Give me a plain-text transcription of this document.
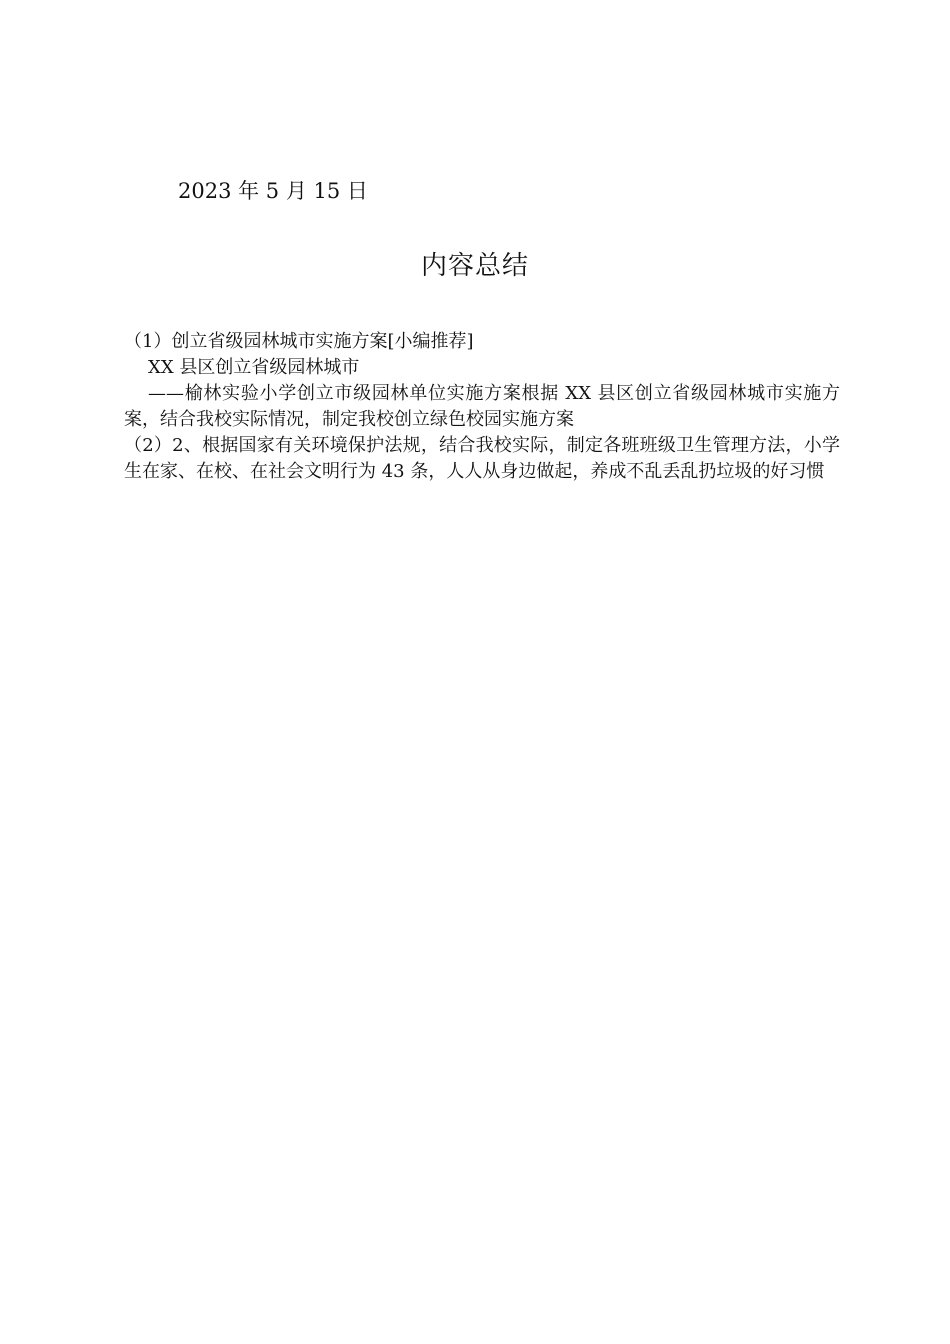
2023 年 5 月 15 日
内容总结

（1）创立省级园林城市实施方案[小编推荐]

XX 县区创立省级园林城市

——榆林实验小学创立市级园林单位实施方案根据 XX 县区创立省级园林城市实施方案，结合我校实际情况，制定我校创立绿色校园实施方案

（2）2、根据国家有关环境保护法规，结合我校实际，制定各班班级卫生管理方法，小学生在家、在校、在社会文明行为 43 条，人人从身边做起，养成不乱丢乱扔垃圾的好习惯
